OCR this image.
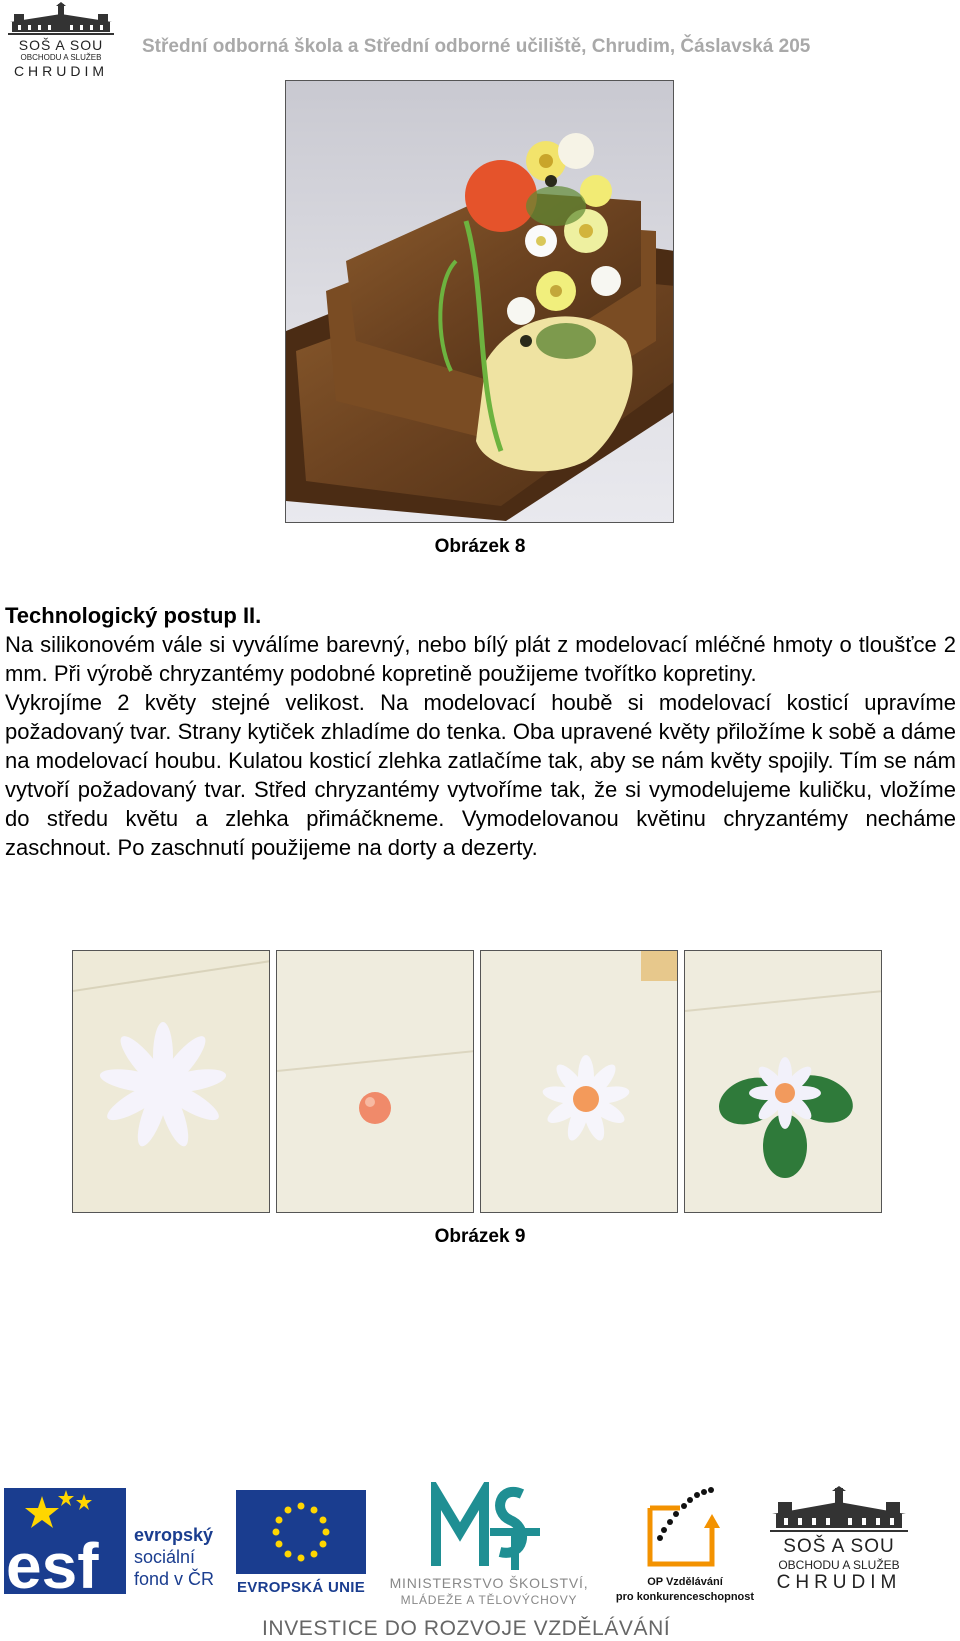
SOŠ A SOU
OBCHODU A SLUŽEB
CHRUDIM
Střední odborná škola a Střední odborné učiliště, Chrudim, Čáslavská 205
Obrázek 8
Technologický postup II.

Na silikonovém vále si vyválíme barevný, nebo bílý plát z modelovací mléčné hmoty o tloušťce 2 mm. Při výrobě chryzantémy podobné kopretině použijeme tvořítko kopretiny.

Vykrojíme 2 květy stejné velikost. Na modelovací houbě si modelovací kosticí upravíme požadovaný tvar. Strany kytiček zhladíme do tenka. Oba upravené květy přiložíme k sobě a dáme na modelovací houbu. Kulatou kosticí zlehka zatlačíme tak, aby se nám květy spojily. Tím se nám vytvoří požadovaný tvar. Střed chryzantémy vytvoříme tak, že si vymodelujeme kuličku, vložíme do středu květu a zlehka přimáčkneme. Vymodelovanou květinu chryzantémy necháme zaschnout. Po zaschnutí použijeme na dorty a dezerty.

Obrázek 9
esf evropský
sociální
fond v ČR EVROPSKÁ UNIE	MINISTERSTVO ŠKOLSTVÍ,
MLÁDEŽE A TĚLOVÝCHOVY
OP Vzdělávání
pro konkurenceschopnost
SOŠ A SOU
OBCHODU A SLUŽEB
CHRUDIM
INVESTICE DO ROZVOJE VZDĚLÁVÁNÍ
